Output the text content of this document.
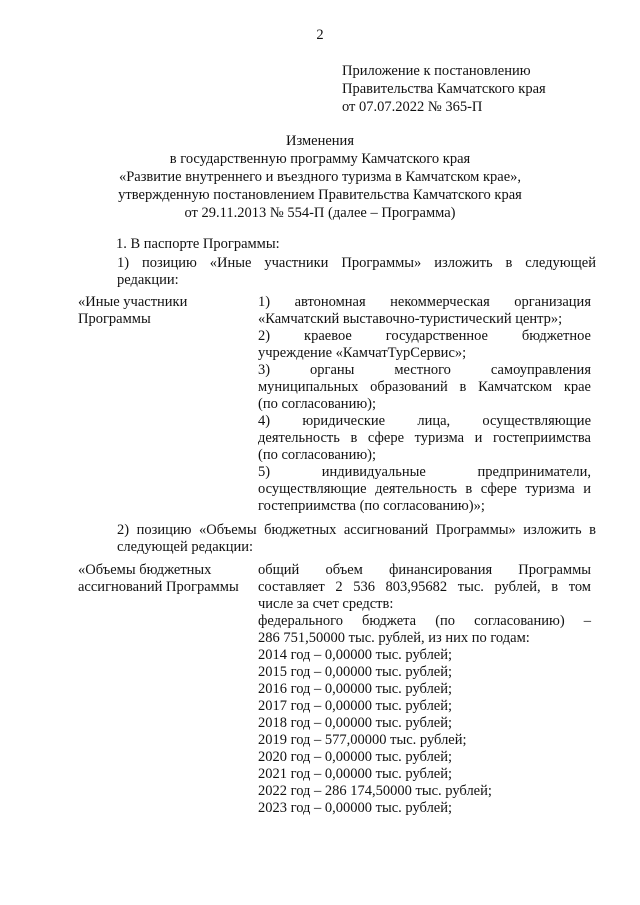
2
Приложение к постановлению
Правительства Камчатского края
от 07.07.2022 № 365-П
Изменения
в государственную программу Камчатского края
«Развитие внутреннего и въездного туризма в Камчатском крае»,
утвержденную постановлением Правительства Камчатского края
от 29.11.2013 № 554-П (далее – Программа)
1. В паспорте Программы:
1) позицию «Иные участники Программы» изложить в следующей редакции:
«Иные участники Программы
1) автономная некоммерческая организация
«Камчатский выставочно-туристический центр»;
2) краевое государственное бюджетное
учреждение «КамчатТурСервис»;
3) органы местного самоуправления
муниципальных образований в Камчатском крае
(по согласованию);
4) юридические лица, осуществляющие
деятельность в сфере туризма и гостеприимства
(по согласованию);
5) индивидуальные предприниматели,
осуществляющие деятельность в сфере туризма и
гостеприимства (по согласованию)»;
2) позицию «Объемы бюджетных ассигнований Программы» изложить в следующей редакции:
«Объемы бюджетных ассигнований Программы
общий объем финансирования Программы
составляет 2 536 803,95682 тыс. рублей, в том
числе за счет средств:
федерального бюджета (по согласованию) –
286 751,50000 тыс. рублей, из них по годам:
2014 год – 0,00000 тыс. рублей;
2015 год – 0,00000 тыс. рублей;
2016 год – 0,00000 тыс. рублей;
2017 год – 0,00000 тыс. рублей;
2018 год – 0,00000 тыс. рублей;
2019 год – 577,00000 тыс. рублей;
2020 год – 0,00000 тыс. рублей;
2021 год – 0,00000 тыс. рублей;
2022 год – 286 174,50000 тыс. рублей;
2023 год – 0,00000 тыс. рублей;
